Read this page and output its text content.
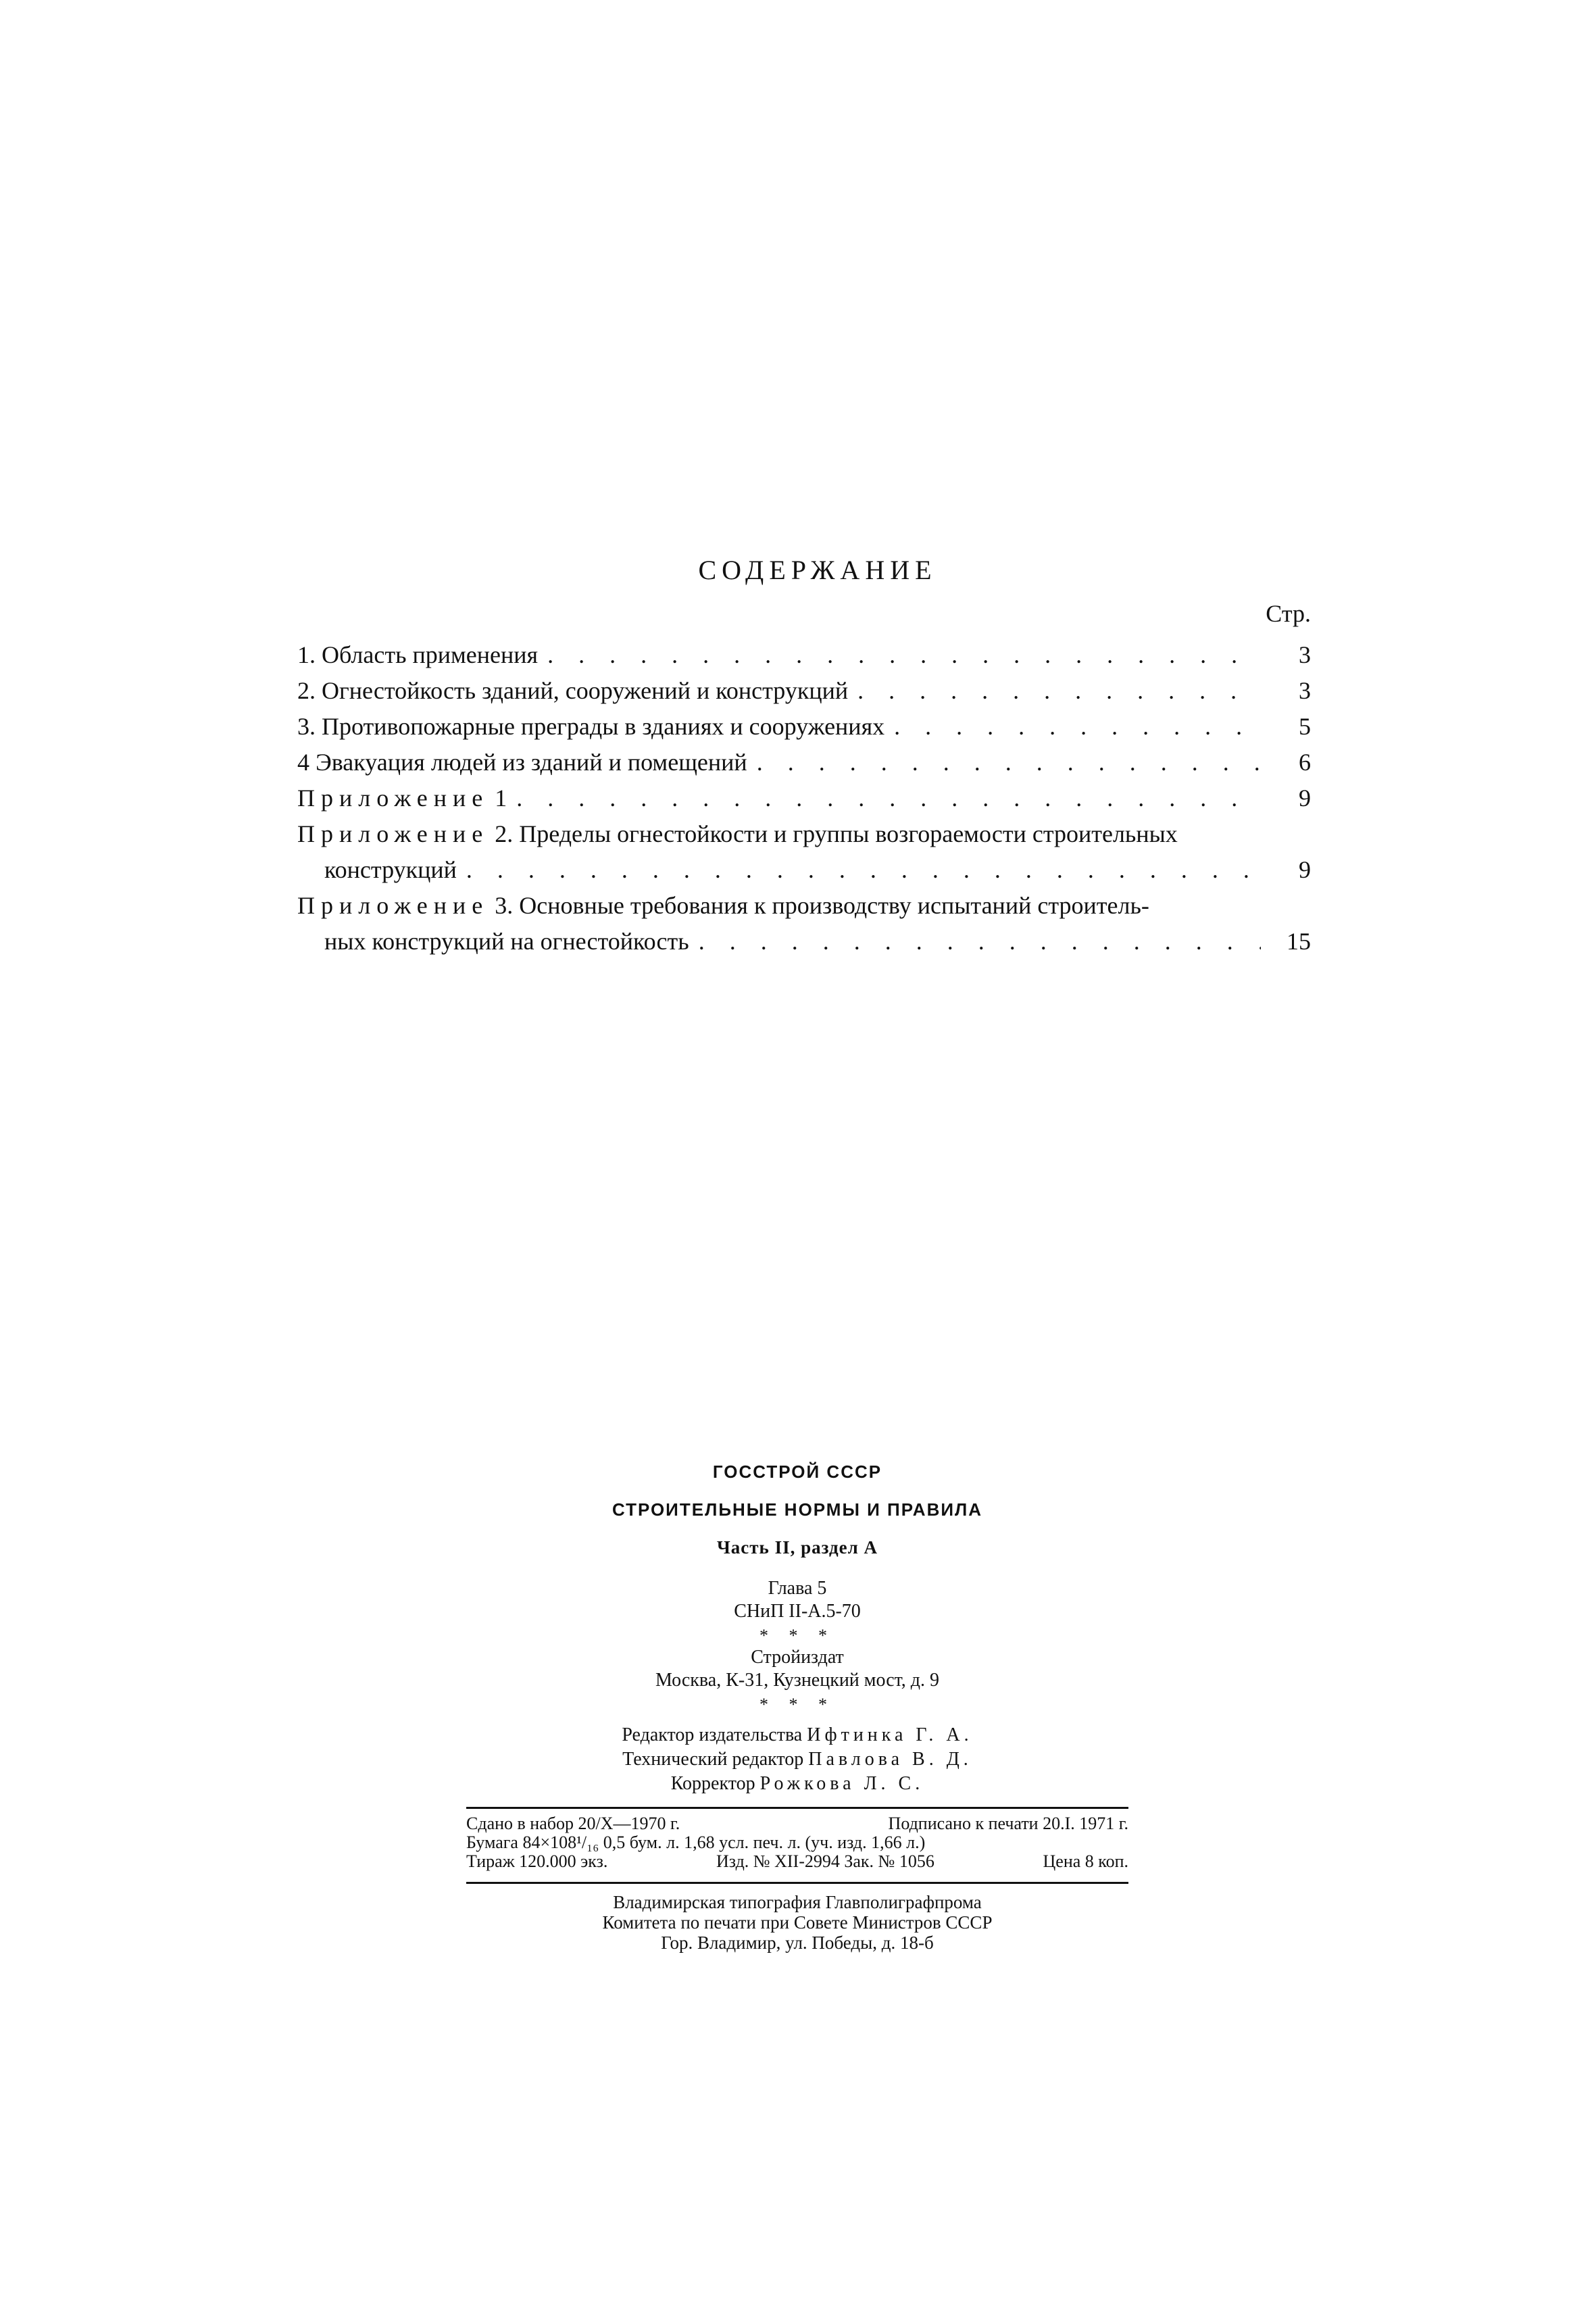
СОДЕРЖАНИЕ
Стр.
1. Область применения . . .	3
2. Огнестойкость зданий, сооружений и конструкций . . .	3
3. Противопожарные преграды в зданиях и сооружениях . . .	5
4 Эвакуация людей из зданий и помещений . . .	6
Приложение 1 . . .	9
Приложение 2. Пределы огнестойкости и группы возгораемости строительных
конструкций . . .	9
Приложение 3. Основные требования к производству испытаний строитель-
ных конструкций на огнестойкость . . .	15

ГОССТРОЙ СССР

СТРОИТЕЛЬНЫЕ НОРМЫ И ПРАВИЛА

Часть II, раздел А

Глава 5

СНиП II-А.5-70

* * *

Стройиздат

Москва, К-31, Кузнецкий мост, д. 9

* * *

Редактор издательства Ифтинка Г. А.

Технический редактор Павлова В. Д.

Корректор Рожкова Л. С.

Сдано в набор 20/X—1970 г.	Подписано к печати 20.I. 1971 г.
Бумага 84×108¹/₁₆ 0,5 бум. л. 1,68 усл. печ. л. (уч. изд. 1,66 л.)
Тираж 120.000 экз.	Изд. № XII-2994 Зак. № 1056	Цена 8 коп.
Владимирская типография Главполиграфпрома
Комитета по печати при Совете Министров СССР
Гор. Владимир, ул. Победы, д. 18-б
